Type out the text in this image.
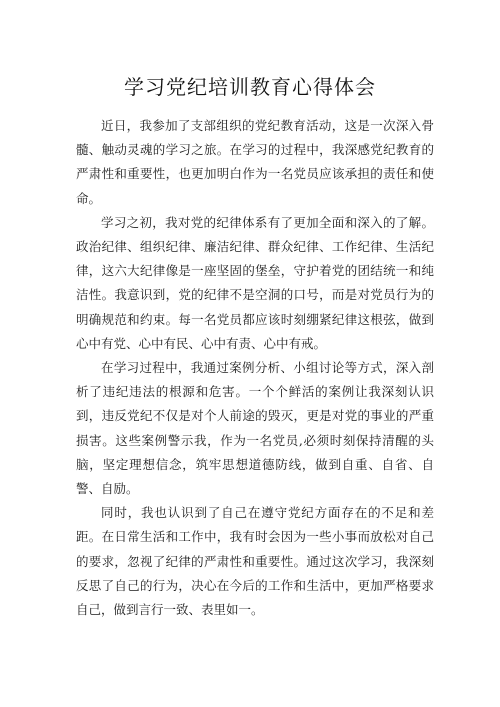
学习党纪培训教育心得体会

近日，我参加了支部组织的党纪教育活动，这是一次深入骨髓、触动灵魂的学习之旅。在学习的过程中，我深感党纪教育的严肃性和重要性，也更加明白作为一名党员应该承担的责任和使命。

学习之初，我对党的纪律体系有了更加全面和深入的了解。政治纪律、组织纪律、廉洁纪律、群众纪律、工作纪律、生活纪律，这六大纪律像是一座坚固的堡垒，守护着党的团结统一和纯洁性。我意识到，党的纪律不是空洞的口号，而是对党员行为的明确规范和约束。每一名党员都应该时刻绷紧纪律这根弦，做到心中有党、心中有民、心中有责、心中有戒。

在学习过程中，我通过案例分析、小组讨论等方式，深入剖析了违纪违法的根源和危害。一个个鲜活的案例让我深刻认识到，违反党纪不仅是对个人前途的毁灭，更是对党的事业的严重损害。这些案例警示我，作为一名党员,必须时刻保持清醒的头脑，坚定理想信念，筑牢思想道德防线，做到自重、自省、自警、自励。

同时，我也认识到了自己在遵守党纪方面存在的不足和差距。在日常生活和工作中，我有时会因为一些小事而放松对自己的要求，忽视了纪律的严肃性和重要性。通过这次学习，我深刻反思了自己的行为，决心在今后的工作和生活中，更加严格要求自己，做到言行一致、表里如一。
